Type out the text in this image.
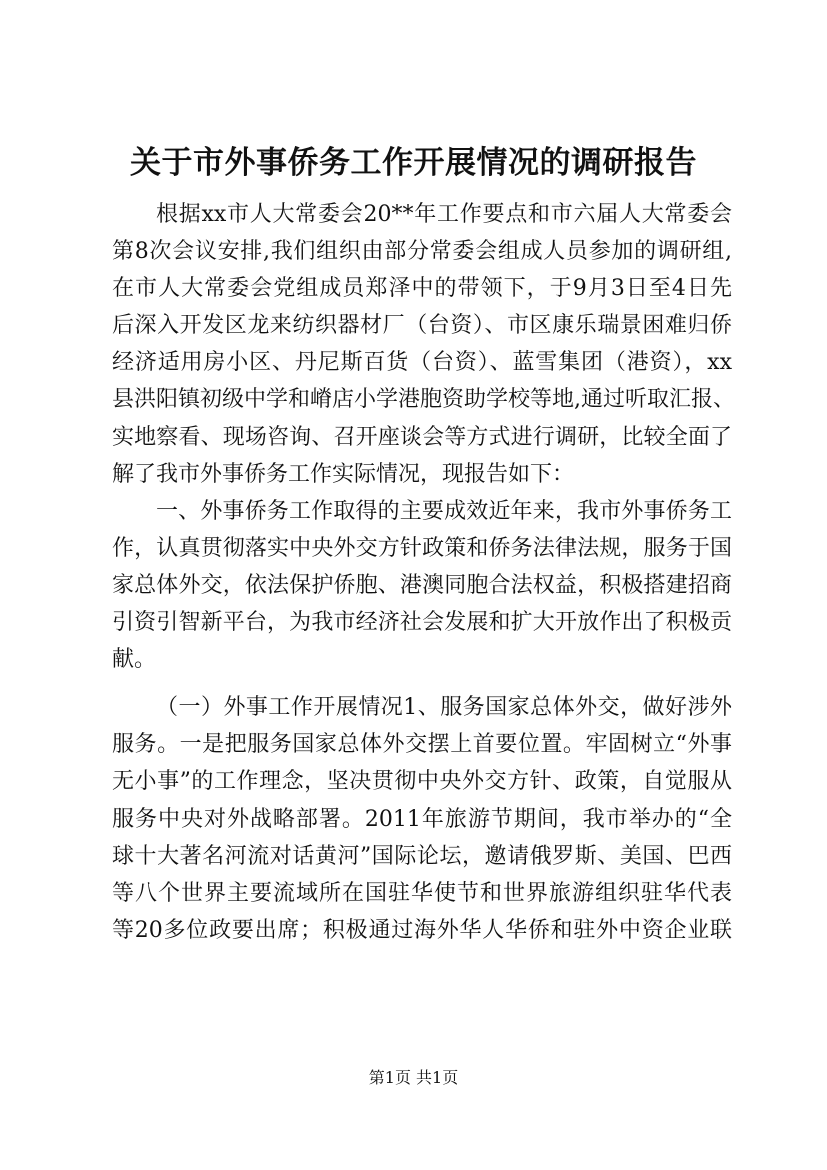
关于市外事侨务工作开展情况的调研报告
根据xx市人大常委会20**年工作要点和市六届人大常委会
第8次会议安排,我们组织由部分常委会组成人员参加的调研组,
在市人大常委会党组成员郑泽中的带领下，于9月3日至4日先
后深入开发区龙来纺织器材厂（台资）、市区康乐瑞景困难归侨
经济适用房小区、丹尼斯百货（台资）、蓝雪集团（港资），xx
县洪阳镇初级中学和嵴店小学港胞资助学校等地,通过听取汇报、
实地察看、现场咨询、召开座谈会等方式进行调研，比较全面了
解了我市外事侨务工作实际情况，现报告如下：
一、外事侨务工作取得的主要成效近年来，我市外事侨务工
作，认真贯彻落实中央外交方针政策和侨务法律法规，服务于国
家总体外交，依法保护侨胞、港澳同胞合法权益，积极搭建招商
引资引智新平台，为我市经济社会发展和扩大开放作出了积极贡
献。
（一）外事工作开展情况1、服务国家总体外交，做好涉外
服务。一是把服务国家总体外交摆上首要位置。牢固树立“外事
无小事”的工作理念，坚决贯彻中央外交方针、政策，自觉服从
服务中央对外战略部署。2011年旅游节期间，我市举办的“全
球十大著名河流对话黄河”国际论坛，邀请俄罗斯、美国、巴西
等八个世界主要流域所在国驻华使节和世界旅游组织驻华代表
等20多位政要出席；积极通过海外华人华侨和驻外中资企业联
第1页 共1页
